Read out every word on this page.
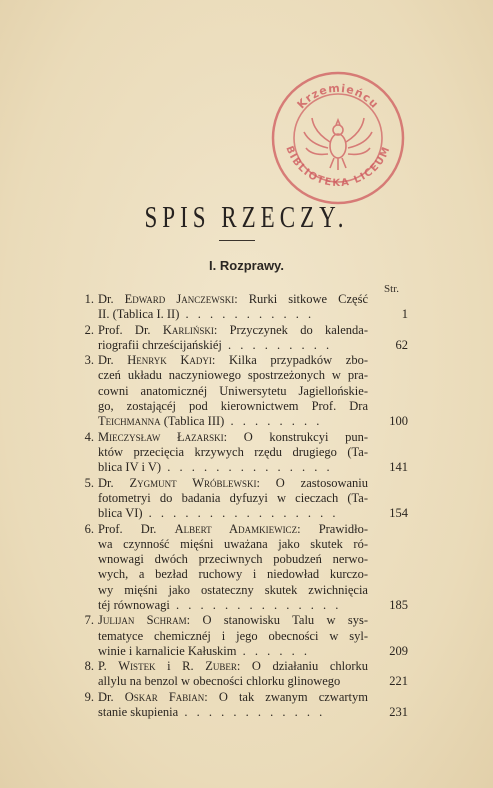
Krzemieńcu
BIBLIOTEKA LICEUM
SPIS RZECZY.
I. Rozprawy.
Str.
1. Dr. Edward Janczewski: Rurki sitkowe Część
II. (Tablica I. II) . . . . . . . . . . .	1
2. Prof. Dr. Karliński: Przyczynek do kalenda-
riografii chrześcijańskiéj . . . . . . . . .	62
3. Dr. Henryk Kadyi: Kilka przypadków zbo-
czeń układu naczyniowego spostrzeżonych w pra-
cowni anatomicznéj Uniwersytetu Jagiellońskie-
go, zostającéj pod kierownictwem Prof. Dra
Teichmanna (Tablica III) . . . . . . . .	100
4. Mieczysław Łazarski: O konstrukcyi pun-
któw przecięcia krzywych rzędu drugiego (Ta-
blica IV i V) . . . . . . . . . . . . . .	141
5. Dr. Zygmunt Wróblewski: O zastosowaniu
fotometryi do badania dyfuzyi w cieczach (Ta-
blica VI) . . . . . . . . . . . . . . . .	154
6. Prof. Dr. Albert Adamkiewicz: Prawidło-
wa czynność mięśni uważana jako skutek ró-
wnowagi dwóch przeciwnych pobudzeń nerwo-
wych, a bezład ruchowy i niedowład kurczo-
wy mięśni jako ostateczny skutek zwichnięcia
téj równowagi . . . . . . . . . . . . . .	185
7. Julijan Schram: O stanowisku Talu w sys-
tematyce chemicznéj i jego obecności w syl-
winie i karnalicie Kałuskim . . . . . .	209
8. P. Wistek i R. Zuber: O działaniu chlorku
allylu na benzol w obecności chlorku glinowego	221
9. Dr. Oskar Fabian: O tak zwanym czwartym
stanie skupienia . . . . . . . . . . . .	231
